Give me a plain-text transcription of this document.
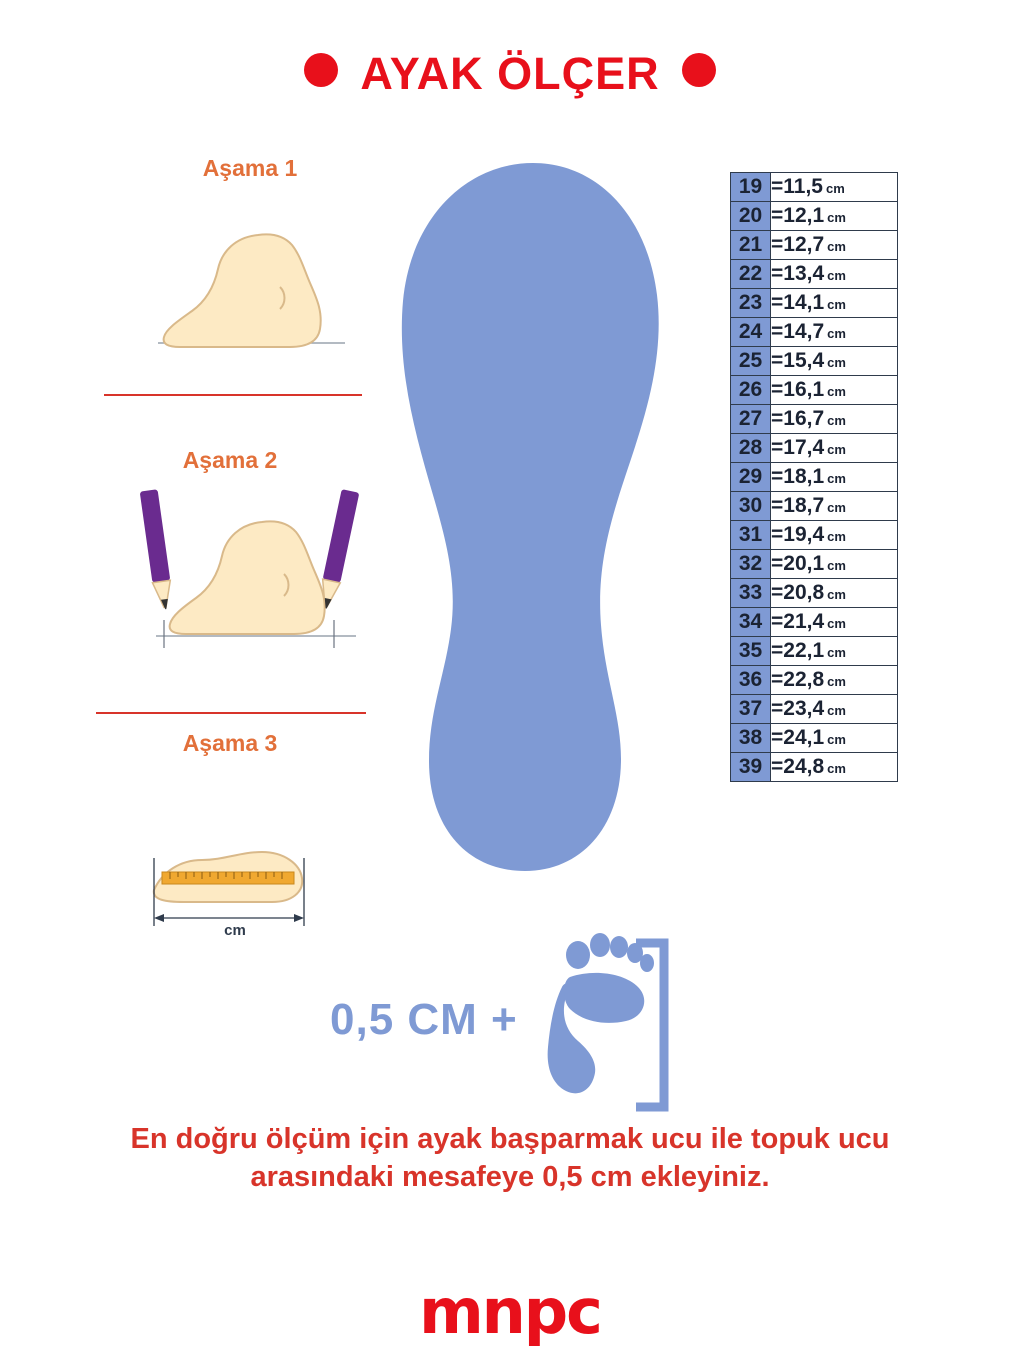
AYAK ÖLÇER
Aşama 1
Aşama 2
Aşama 3
cm
19	=11,5 cm
20	=12,1 cm
21	=12,7 cm
22	=13,4 cm
23	=14,1 cm
24	=14,7 cm
25	=15,4 cm
26	=16,1 cm
27	=16,7 cm
28	=17,4 cm
29	=18,1 cm
30	=18,7 cm
31	=19,4 cm
32	=20,1 cm
33	=20,8 cm
34	=21,4 cm
35	=22,1 cm
36	=22,8 cm
37	=23,4 cm
38	=24,1 cm
39	=24,8 cm
0,5 CM +
En doğru ölçüm için ayak başparmak ucu ile topuk ucu arasındaki mesafeye 0,5 cm ekleyiniz.
mnpc
